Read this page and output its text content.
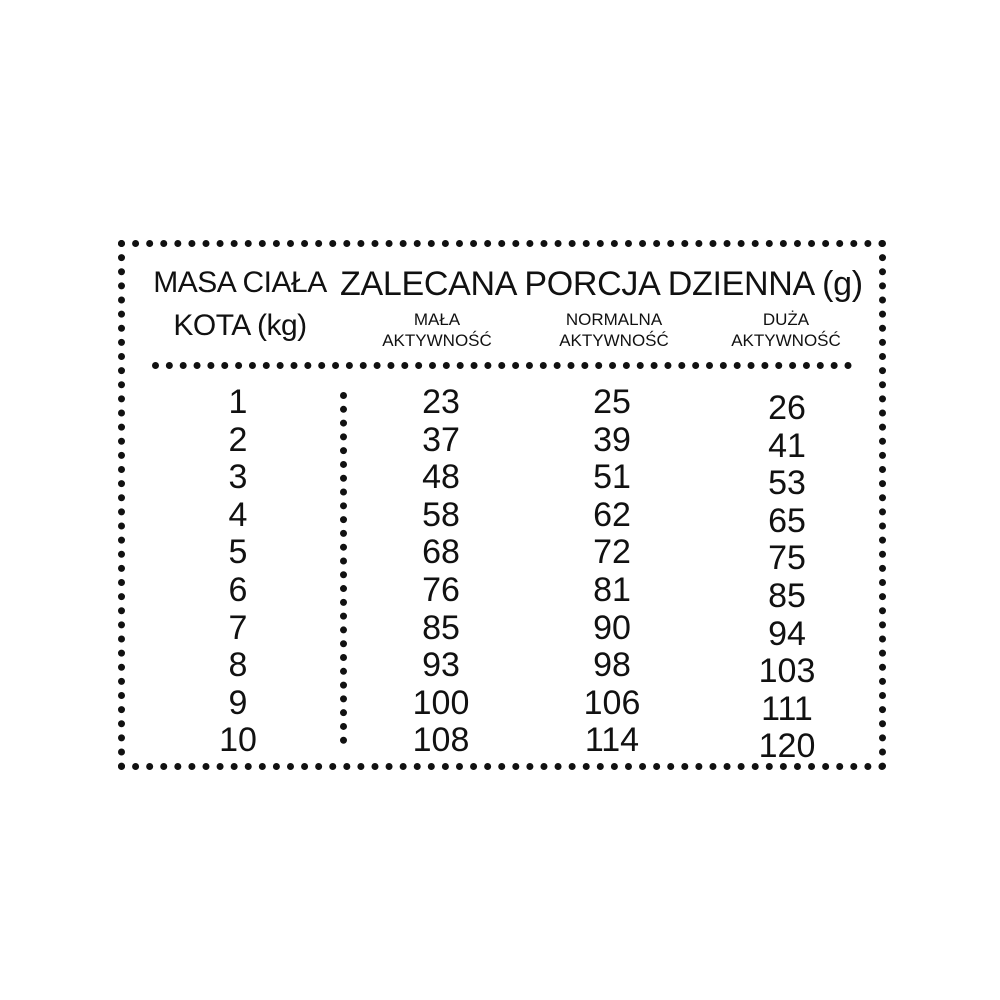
MASA CIAŁA
KOTA (kg)
ZALECANA PORCJA DZIENNA (g)
MAŁA
AKTYWNOŚĆ
NORMALNA
AKTYWNOŚĆ
DUŻA
AKTYWNOŚĆ
1
2
3
4
5
6
7
8
9
10
23
37
48
58
68
76
85
93
100
108
25
39
51
62
72
81
90
98
106
114
26
41
53
65
75
85
94
103
111
120
